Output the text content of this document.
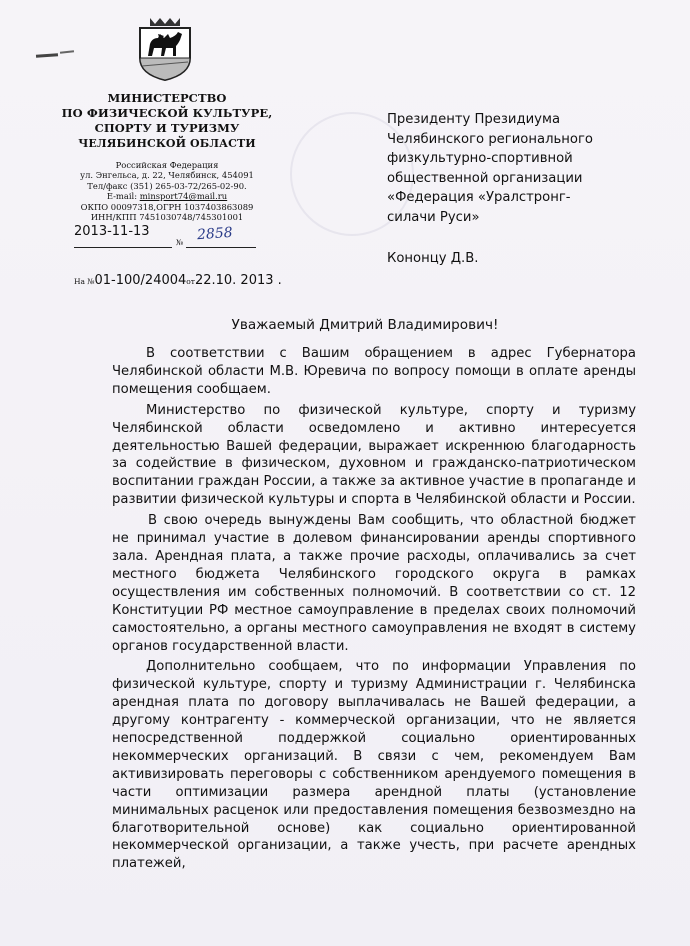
МИНИСТЕРСТВО
ПО ФИЗИЧЕСКОЙ КУЛЬТУРЕ,
СПОРТУ И ТУРИЗМУ
ЧЕЛЯБИНСКОЙ ОБЛАСТИ
Российская Федерация
ул. Энгельса, д. 22, Челябинск, 454091
Тел/факс (351) 265-03-72/265-02-90.
E-mail: minsport74@mail.ru
ОКПО 00097318,ОГРН 1037403863089
ИНН/КПП 7451030748/745301001
2013-11-13
№ 2858
На №01-100/24004от22.10. 2013 .
Президенту Президиума
Челябинского регионального
физкультурно-спортивной
общественной организации
«Федерация «Уралстронг-
силачи Руси»
Кононцу Д.В.
Уважаемый Дмитрий Владимирович!

В соответствии с Вашим обращением в адрес Губернатора Челябинской области М.В. Юревича по вопросу помощи в оплате аренды помещения сообщаем.

Министерство по физической культуре, спорту и туризму Челябинской области осведомлено и активно интересуется деятельностью Вашей федерации, выражает искреннюю благодарность за содействие в физическом, духовном и гражданско-патриотическом воспитании граждан России, а также за активное участие в пропаганде и развитии физической культуры и спорта в Челябинской области и России.

В свою очередь вынуждены Вам сообщить, что областной бюджет не принимал участие в долевом финансировании аренды спортивного зала. Арендная плата, а также прочие расходы, оплачивались за счет местного бюджета Челябинского городского округа в рамках осуществления им собственных полномочий. В соответствии со ст. 12 Конституции РФ местное самоуправление в пределах своих полномочий самостоятельно, а органы местного самоуправления не входят в систему органов государственной власти.

Дополнительно сообщаем, что по информации Управления по физической культуре, спорту и туризму Администрации г. Челябинска арендная плата по договору выплачивалась не Вашей федерации, а другому контрагенту - коммерческой организации, что не является непосредственной поддержкой социально ориентированных некоммерческих организаций. В связи с чем, рекомендуем Вам активизировать переговоры с собственником арендуемого помещения в части оптимизации размера арендной платы (установление минимальных расценок или предоставления помещения безвозмездно на благотворительной основе) как социально ориентированной некоммерческой организации, а также учесть, при расчете арендных платежей,
